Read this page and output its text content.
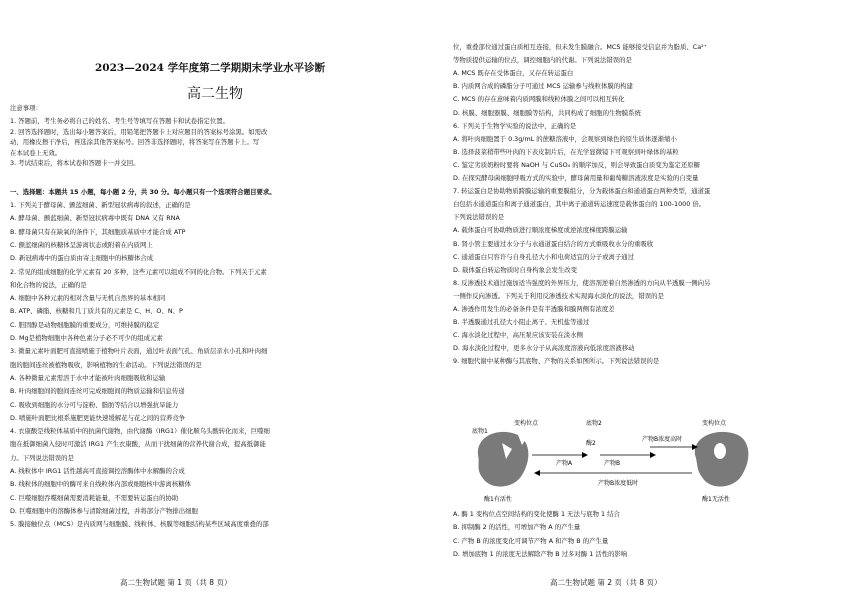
2023—2024 学年度第二学期期末学业水平诊断
高二生物
注意事项：
1. 答题前，考生务必将自己的姓名、考生号等填写在答题卡和试卷指定位置。
2. 回答选择题时，选出每小题答案后，用铅笔把答题卡上对应题目的答案标号涂黑。如需改
动，用橡皮擦干净后，再选涂其他答案标号。回答非选择题时，将答案写在答题卡上。写
在本试卷上无效。
3. 考试结束后，将本试卷和答题卡一并交回。
一、选择题：本题共 15 小题，每小题 2 分，共 30 分。每小题只有一个选项符合题目要求。
1. 下列关于酵母菌、颤蓝细菌、新型冠状病毒的叙述，正确的是
A. 酵母菌、颤蓝细菌、新型冠状病毒中既有 DNA 又有 RNA
B. 酵母菌只有在缺氧的条件下，其细胞质基质中才能合成 ATP
C. 颤蓝细菌的核糖体呈游离状态或附着在内质网上
D. 新冠病毒中的蛋白质由寄主细胞中的核糖体合成
2. 常见的组成细胞的化学元素有 20 多种，这些元素可以组成不同的化合物。下列关于元素
和化合物的说法，正确的是
A. 细胞中各种元素的相对含量与无机自然界的基本相同
B. ATP、磷脂、核糖和几丁质共有的元素是 C、H、O、N、P
C. 胆固醇是动物细胞膜的重要成分，可维持膜的稳定
D. Mg是植物细胞中各种色素分子必不可少的组成元素
3. 微量元素叶面肥可直接喷施于植物叶片表面，通过叶表面气孔、角质层亲水小孔和叶肉细
胞的胞间连丝被植物吸收，影响植物的生命活动。下列说法错误的是
A. 各种微量元素需溶于水中才能被叶肉细胞吸收和运输
B. 叶肉细胞间的胞间连丝可完成细胞间的物质运输和信息传递
C. 吸收到细胞的水分可与淀粉、脂肪等结合以增强抗旱能力
D. 喷施叶面肥比根系施肥更能快速缓解花与花之间的营养竞争
4. 衣康酸是线粒体基质中的抗菌代谢物，由代谢酶（IRG1）催化顺乌头酸转化而来，巨噬细
胞在抵御细菌入侵时可激活 IRG1 产生衣康酸，从而干扰细菌的营养代谢合成，提高抵御能
力。下列说法错误的是
A. 线粒体中 IRG1 活性越高可直接调控溶酶体中水解酶的合成
B. 线粒体的细胞中的酶可来自线粒体内部或细胞核中游离核糖体
C. 巨噬细胞吞噬细菌需要消耗能量，不需要转运蛋白的协助
D. 巨噬细胞中的溶酶体参与清除细菌过程，并将部分产物排出细胞
5. 膜接触位点（MCS）是内质网与细胞膜、线粒体、核膜等细胞结构某些区域高度重叠的部
高二生物试题 第 1 页（共 8 页）
位，重叠部位通过蛋白质相互连接，但未发生膜融合。MCS 能够接受信息并为脂质、Ca²⁺
等物质提供运输的位点，调控细胞内的代谢。下列说法错误的是
A. MCS 既存在受体蛋白，又存在转运蛋白
B. 内质网合成的磷脂分子可通过 MCS 运输参与线粒体膜的构建
C. MCS 的存在意味着内质网膜和线粒体膜之间可以相互转化
D. 核膜、细胞器膜、细胞膜等结构，共同构成了细胞的生物膜系统
6. 下列关于生物学实验的说法中，正确的是
A. 将叶肉细胞置于 0.3g/mL 的蔗糖溶液中，会观察到绿色的原生质体逐渐缩小
B. 选择菠菜稍带些叶肉的下表皮制片后，在光学显微镜下可观察到叶绿体的基粒
C. 鉴定劣质奶粉时要将 NaOH 与 CuSO₄ 的顺序加反，则会导致蛋白质变为鉴定还原糖
D. 在探究酵母菌细胞呼吸方式的实验中，酵母菌用量和葡萄糖溶液浓度是实验的自变量
7. 转运蛋白是协助物质跨膜运输的重要膜组分，分为载体蛋白和通道蛋白两种类型，通道蛋
白包括水通道蛋白和离子通道蛋白，其中离子通道转运速度是载体蛋白的 100-1000 倍。
下列说法错误的是
A. 载体蛋白可协助物质进行顺浓度梯度或逆浓度梯度跨膜运输
B. 肾小管主要通过水分子与水通道蛋白结合的方式重吸收水分的重吸收
C. 通道蛋白只容许与自身孔径大小和电荷适宜的分子或离子通过
D. 载体蛋白转运物质时自身构象会发生改变
8. 反渗透技术通过施加适当强度的外界压力，使溶剂逆着自然渗透的方向从半透膜一侧向另
一侧作反向渗透。下列关于利用反渗透技术实现海水淡化的说法，错误的是
A. 渗透作用发生的必备条件是有半透膜和膜两侧有浓度差
B. 半透膜通过孔径大小阻止离子、无机盐等通过
C. 海水淡化过程中，高压泵应该安装在淡水侧
D. 海水淡化过程中，更多水分子从高浓度溶液向低浓度溶液移动
9. 细胞代谢中某种酶与其底物、产物的关系如图所示。下列说法错误的是
高二生物试题 第 2 页（共 8 页）
变构位点	变构位点
底物1
底物2
产物A
酶2
产物B
产物B浓度高时
产物B浓度低时
酶1有活性	酶1无活性
A. 酶 1 变构位点空间结构的变化使酶 1 无法与底物 1 结合
B. 抑制酶 2 的活性，可增加产物 A 的产生量
C. 产物 B 的浓度变化可调节产物 A 和产物 B 的产生量
D. 增加底物 1 的浓度无法解除产物 B 过多对酶 1 活性的影响
